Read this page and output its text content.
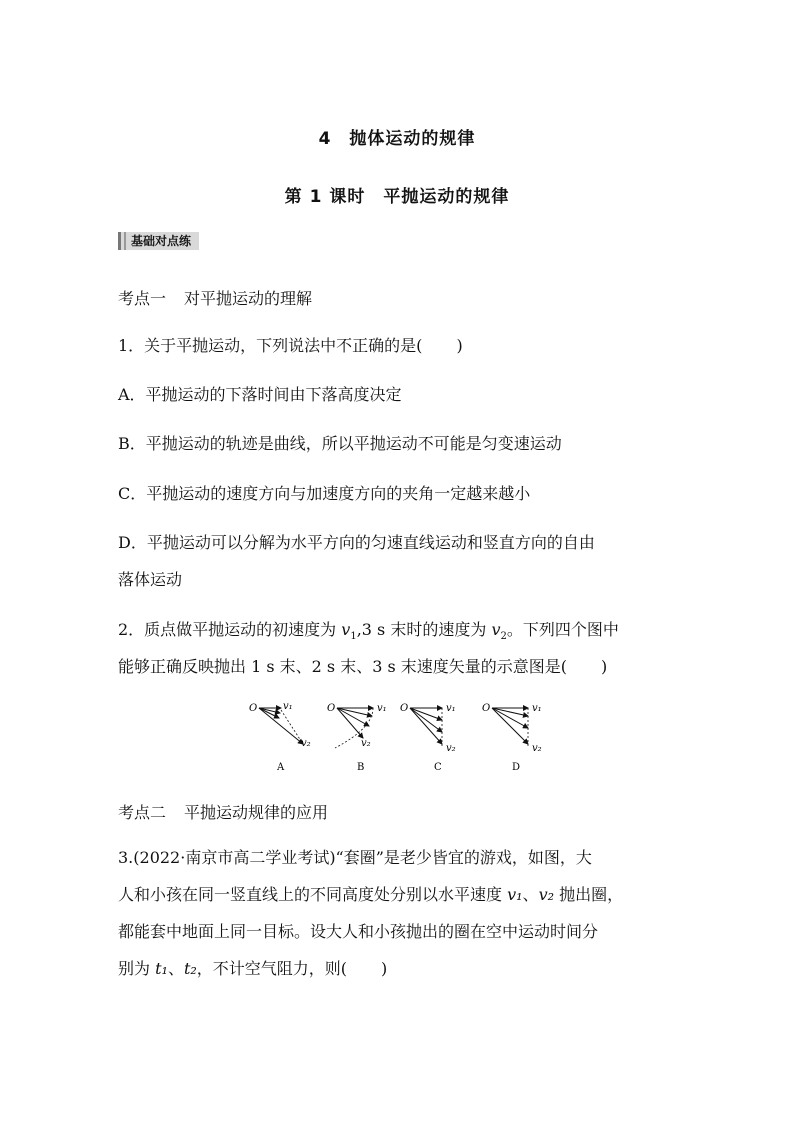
4　抛体运动的规律
第 1 课时　平抛运动的规律
基础对点练
考点一 对平抛运动的理解
1．关于平抛运动，下列说法中不正确的是( )
A．平抛运动的下落时间由下落高度决定
B．平抛运动的轨迹是曲线，所以平抛运动不可能是匀变速运动
C．平抛运动的速度方向与加速度方向的夹角一定越来越小
D．平抛运动可以分解为水平方向的匀速直线运动和竖直方向的自由
落体运动
2．质点做平抛运动的初速度为 $v_1,3$ s 末时的速度为 $v_2$。下列四个图中
能够正确反映抛出 1 s 末、2 s 末、3 s 末速度矢量的示意图是( )
O	v₁
v₂
A
O	v₁
v₂
B
O	v₁
v₂
C
O	v₁
v₂
D
考点二 平抛运动规律的应用
3.(2022·南京市高二学业考试)“套圈”是老少皆宜的游戏，如图，大
人和小孩在同一竖直线上的不同高度处分别以水平速度 v₁、v₂ 抛出圈，
都能套中地面上同一目标。设大人和小孩抛出的圈在空中运动时间分
别为 t₁、t₂，不计空气阻力，则( )
